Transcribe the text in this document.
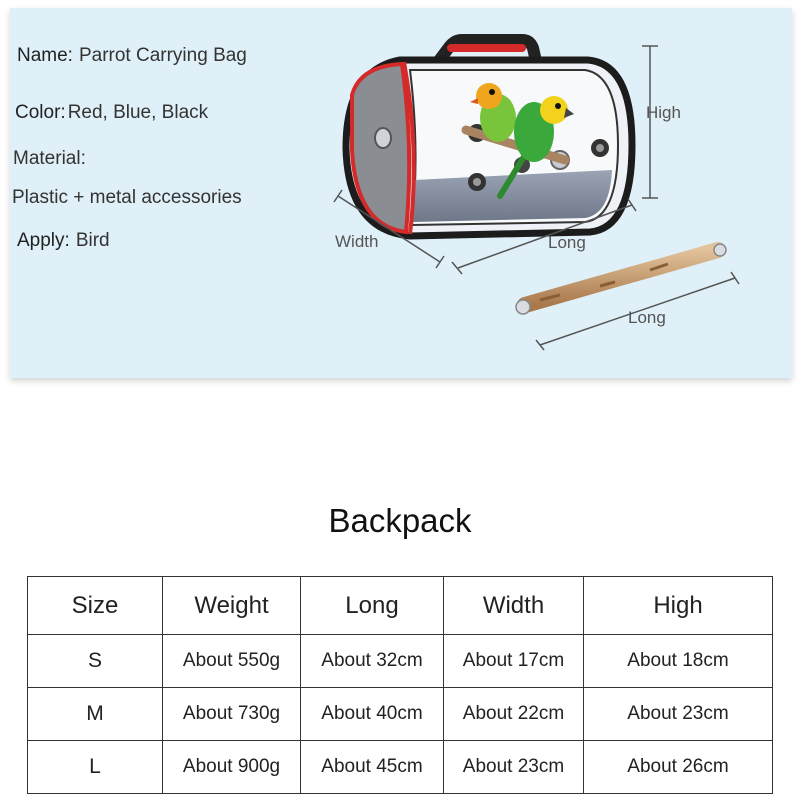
Name: Parrot Carrying Bag
Color: Red, Blue, Black
Material:
Plastic + metal accessories
Apply: Bird
High
Width	Long
Long
Backpack
Size	Weight	Long	Width	High
S	About 550g	About 32cm	About 17cm	About 18cm
M	About 730g	About 40cm	About 22cm	About 23cm
L	About 900g	About 45cm	About 23cm	About 26cm
